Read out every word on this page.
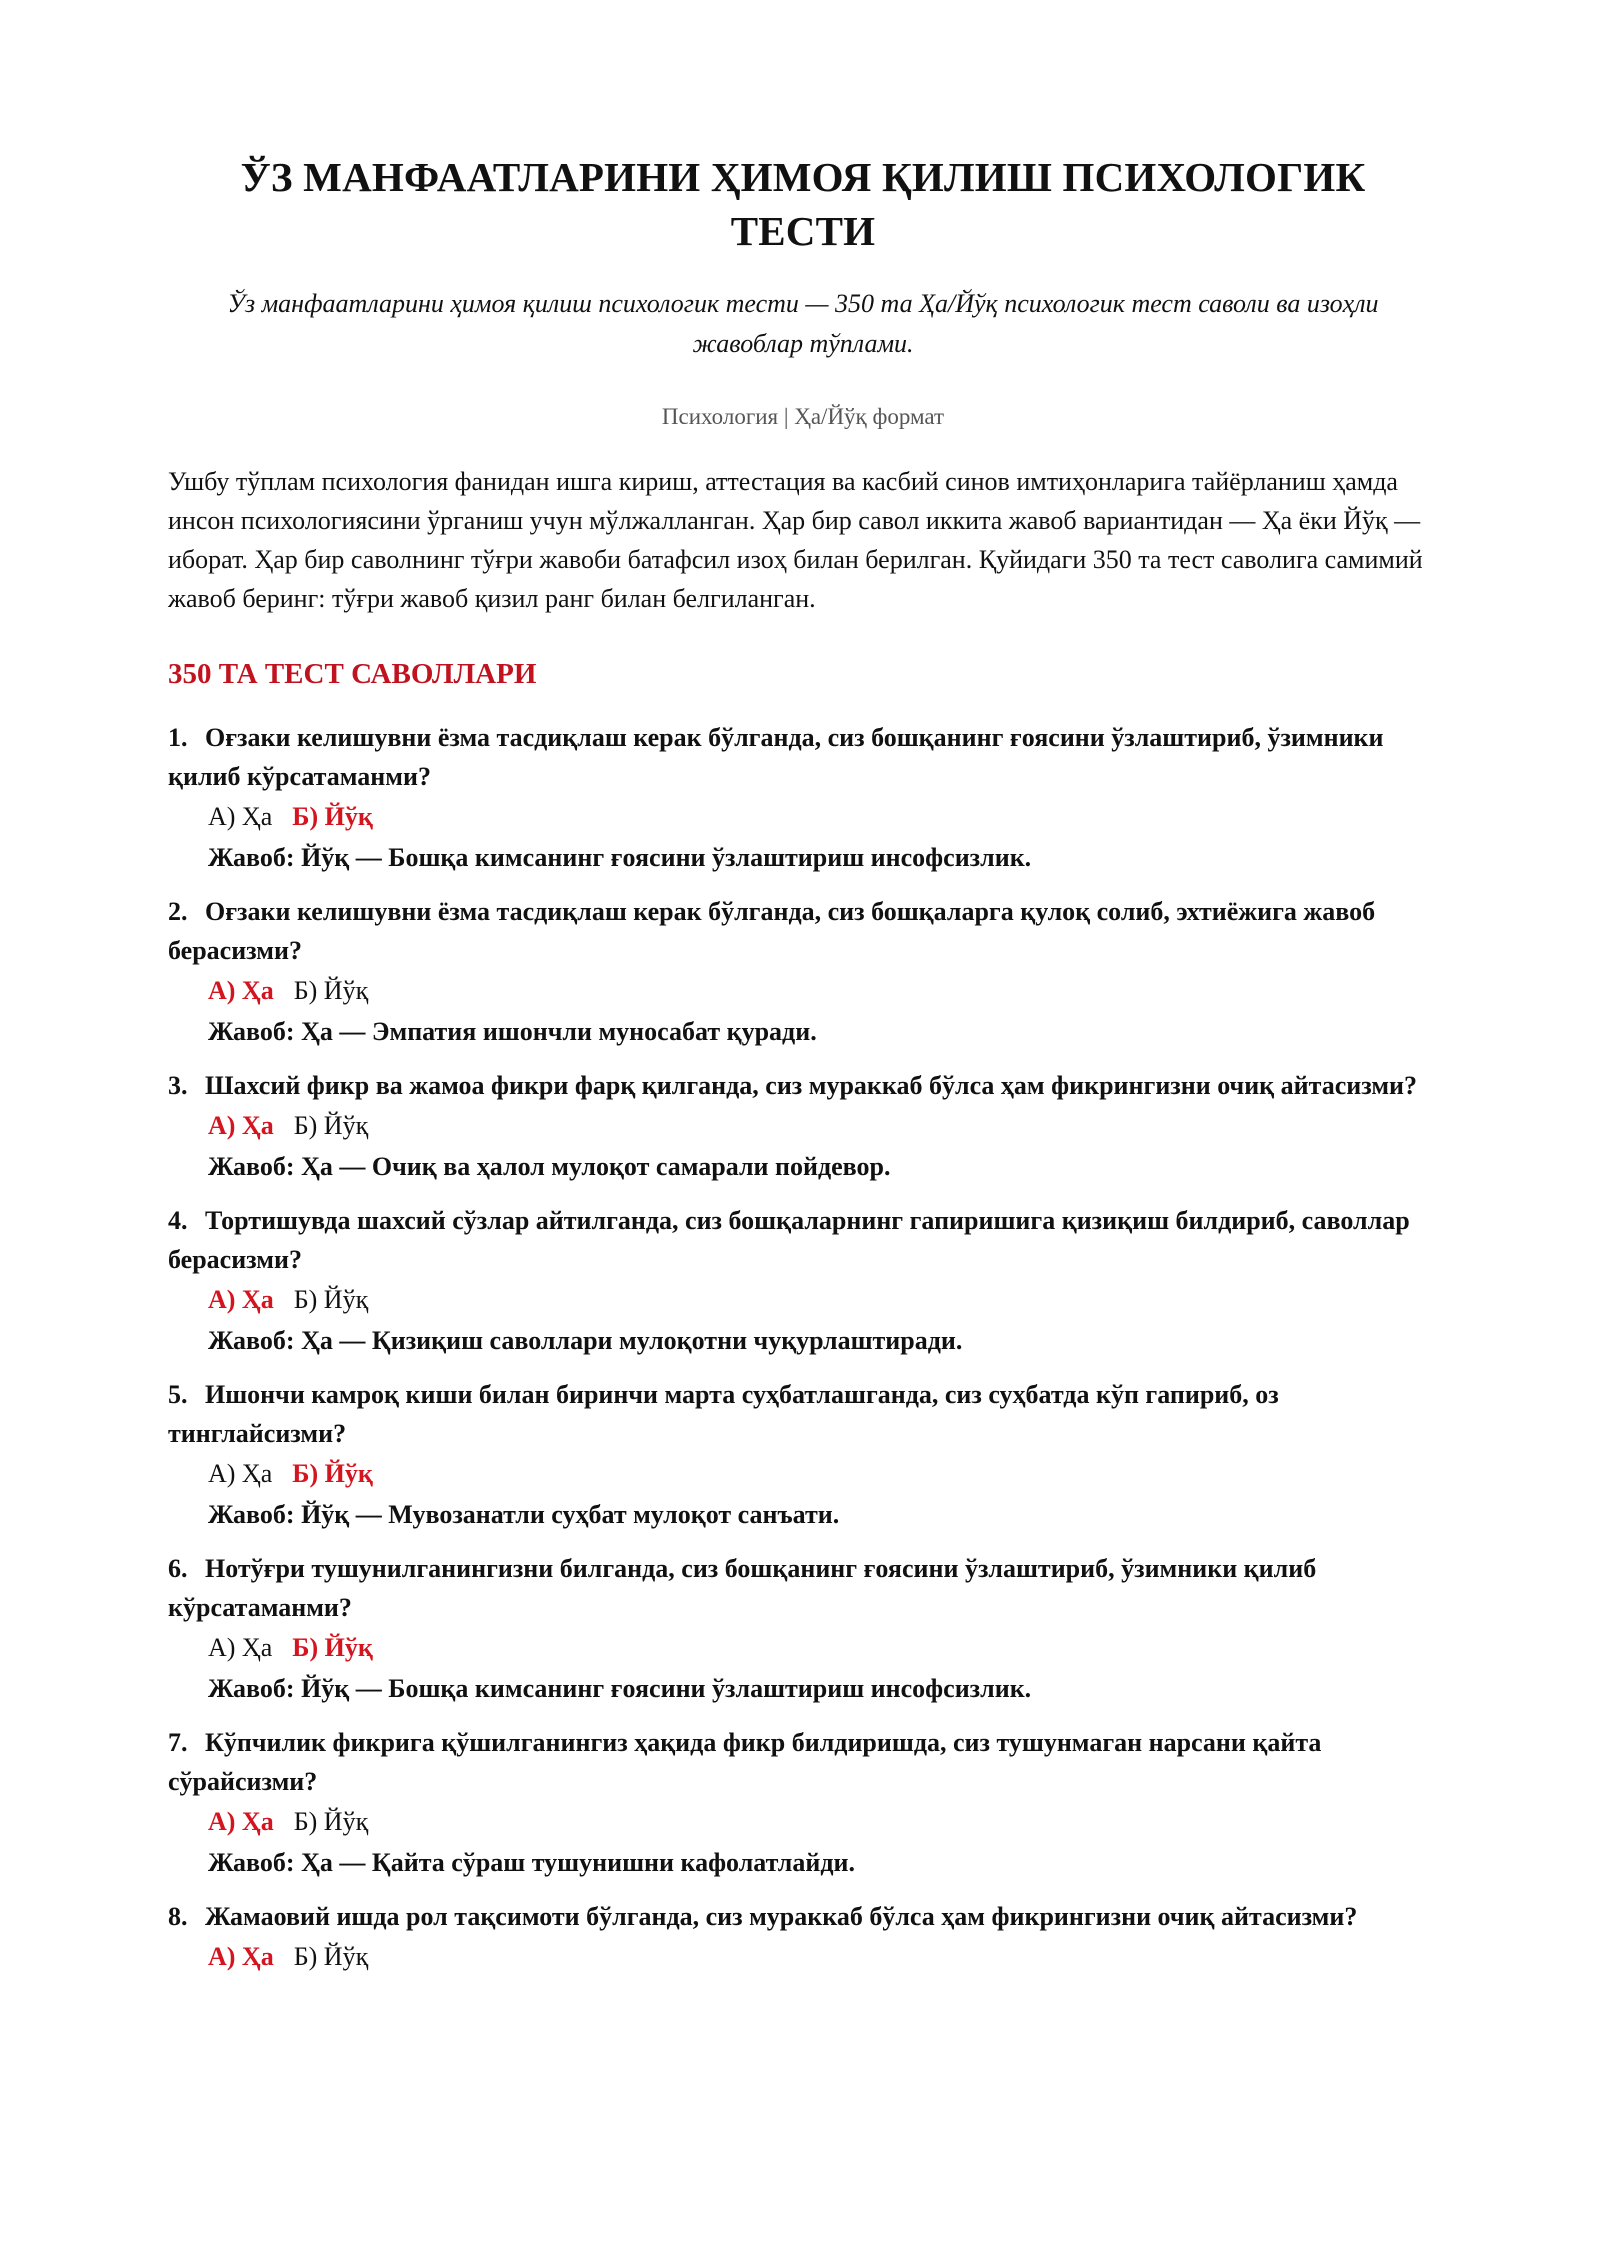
ЎЗ МАНФААТЛАРИНИ ҲИМОЯ ҚИЛИШ ПСИХОЛОГИК ТЕСТИ
Ўз манфаатларини ҳимоя қилиш психологик тести — 350 та Ҳа/Йўқ психологик тест саволи ва изоҳли жавоблар тўплами.
Психология | Ҳа/Йўқ формат
Ушбу тўплам психология фанидан ишга кириш, аттестация ва касбий синов имтиҳонларига тайёрланиш ҳамда инсон психологиясини ўрганиш учун мўлжалланган. Ҳар бир савол иккита жавоб вариантидан — Ҳа ёки Йўқ — иборат. Ҳар бир саволнинг тўғри жавоби батафсил изоҳ билан берилган. Қуйидаги 350 та тест саволига самимий жавоб беринг: тўғри жавоб қизил ранг билан белгиланган.
350 ТА ТЕСТ САВОЛЛАРИ
1. Оғзаки келишувни ёзма тасдиқлаш керак бўлганда, сиз бошқанинг ғоясини ўзлаштириб, ўзимники қилиб кўрсатаманми?
А) Ҳа Б) Йўқ
Жавоб: Йўқ — Бошқа кимсанинг ғоясини ўзлаштириш инсофсизлик.
2. Оғзаки келишувни ёзма тасдиқлаш керак бўлганда, сиз бошқаларга қулоқ солиб, эхтиёжига жавоб берасизми?
А) Ҳа Б) Йўқ
Жавоб: Ҳа — Эмпатия ишончли муносабат қуради.
3. Шахсий фикр ва жамоа фикри фарқ қилганда, сиз мураккаб бўлса ҳам фикрингизни очиқ айтасизми?
А) Ҳа Б) Йўқ
Жавоб: Ҳа — Очиқ ва ҳалол мулоқот самарали пойдевор.
4. Тортишувда шахсий сўзлар айтилганда, сиз бошқаларнинг гапиришига қизиқиш билдириб, саволлар берасизми?
А) Ҳа Б) Йўқ
Жавоб: Ҳа — Қизиқиш саволлари мулоқотни чуқурлаштиради.
5. Ишончи камроқ киши билан биринчи марта суҳбатлашганда, сиз суҳбатда кўп гапириб, оз тинглайсизми?
А) Ҳа Б) Йўқ
Жавоб: Йўқ — Мувозанатли суҳбат мулоқот санъати.
6. Нотўғри тушунилганингизни билганда, сиз бошқанинг ғоясини ўзлаштириб, ўзимники қилиб кўрсатаманми?
А) Ҳа Б) Йўқ
Жавоб: Йўқ — Бошқа кимсанинг ғоясини ўзлаштириш инсофсизлик.
7. Кўпчилик фикрига қўшилганингиз ҳақида фикр билдиришда, сиз тушунмаган нарсани қайта сўрайсизми?
А) Ҳа Б) Йўқ
Жавоб: Ҳа — Қайта сўраш тушунишни кафолатлайди.
8. Жамаовий ишда рол тақсимоти бўлганда, сиз мураккаб бўлса ҳам фикрингизни очиқ айтасизми?
А) Ҳа Б) Йўқ
